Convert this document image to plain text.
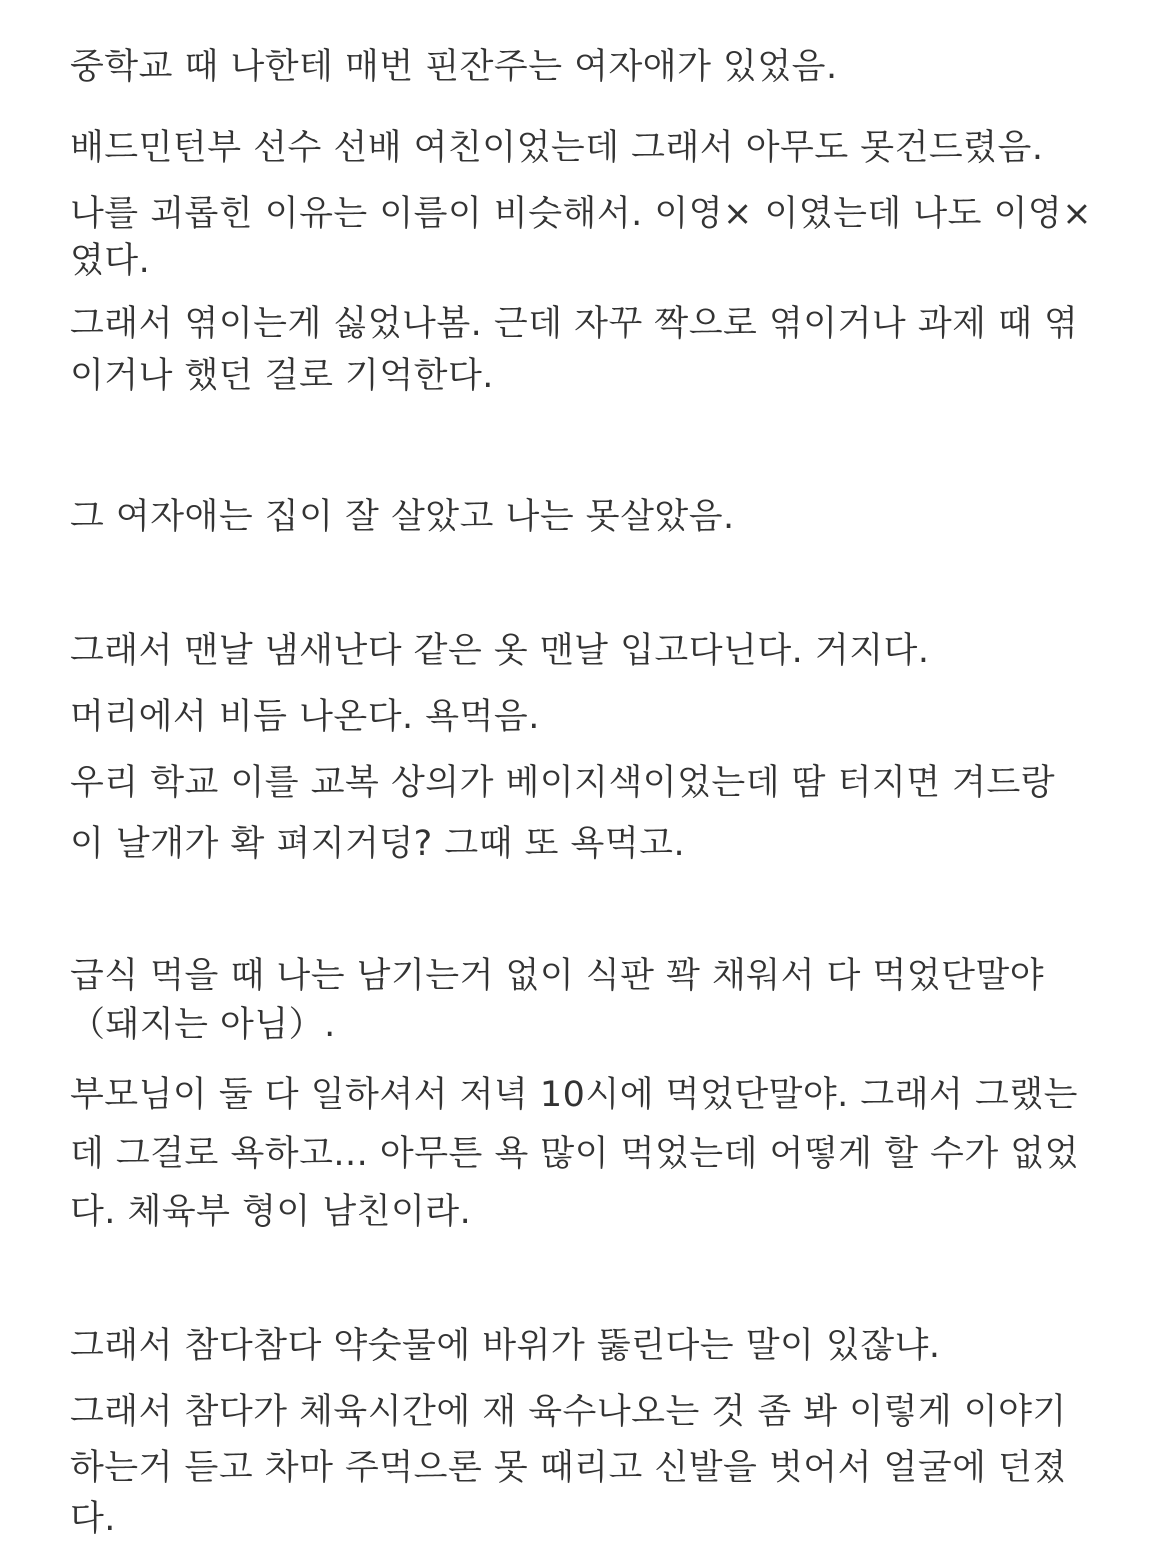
중학교 때 나한테 매번 핀잔주는 여자애가 있었음.
배드민턴부 선수 선배 여친이었는데 그래서 아무도 못건드렸음.
나를 괴롭힌 이유는 이름이 비슷해서. 이영× 이였는데 나도 이영×
였다.
그래서 엮이는게 싫었나봄. 근데 자꾸 짝으로 엮이거나 과제 때 엮
이거나 했던 걸로 기억한다.
그 여자애는 집이 잘 살았고 나는 못살았음.
그래서 맨날 냄새난다 같은 옷 맨날 입고다닌다. 거지다.
머리에서 비듬 나온다. 욕먹음.
우리 학교 이를 교복 상의가 베이지색이었는데 땀 터지면 겨드랑
이 날개가 확 펴지거덩? 그때 또 욕먹고.
급식 먹을 때 나는 남기는거 없이 식판 꽉 채워서 다 먹었단말야
（돼지는 아님）.
부모님이 둘 다 일하셔서 저녁 10시에 먹었단말야. 그래서 그랬는
데 그걸로 욕하고... 아무튼 욕 많이 먹었는데 어떻게 할 수가 없었
다. 체육부 형이 남친이라.
그래서 참다참다 약숫물에 바위가 뚫린다는 말이 있잖냐.
그래서 참다가 체육시간에 재 육수나오는 것 좀 봐 이렇게 이야기
하는거 듣고 차마 주먹으론 못 때리고 신발을 벗어서 얼굴에 던졌
다.
